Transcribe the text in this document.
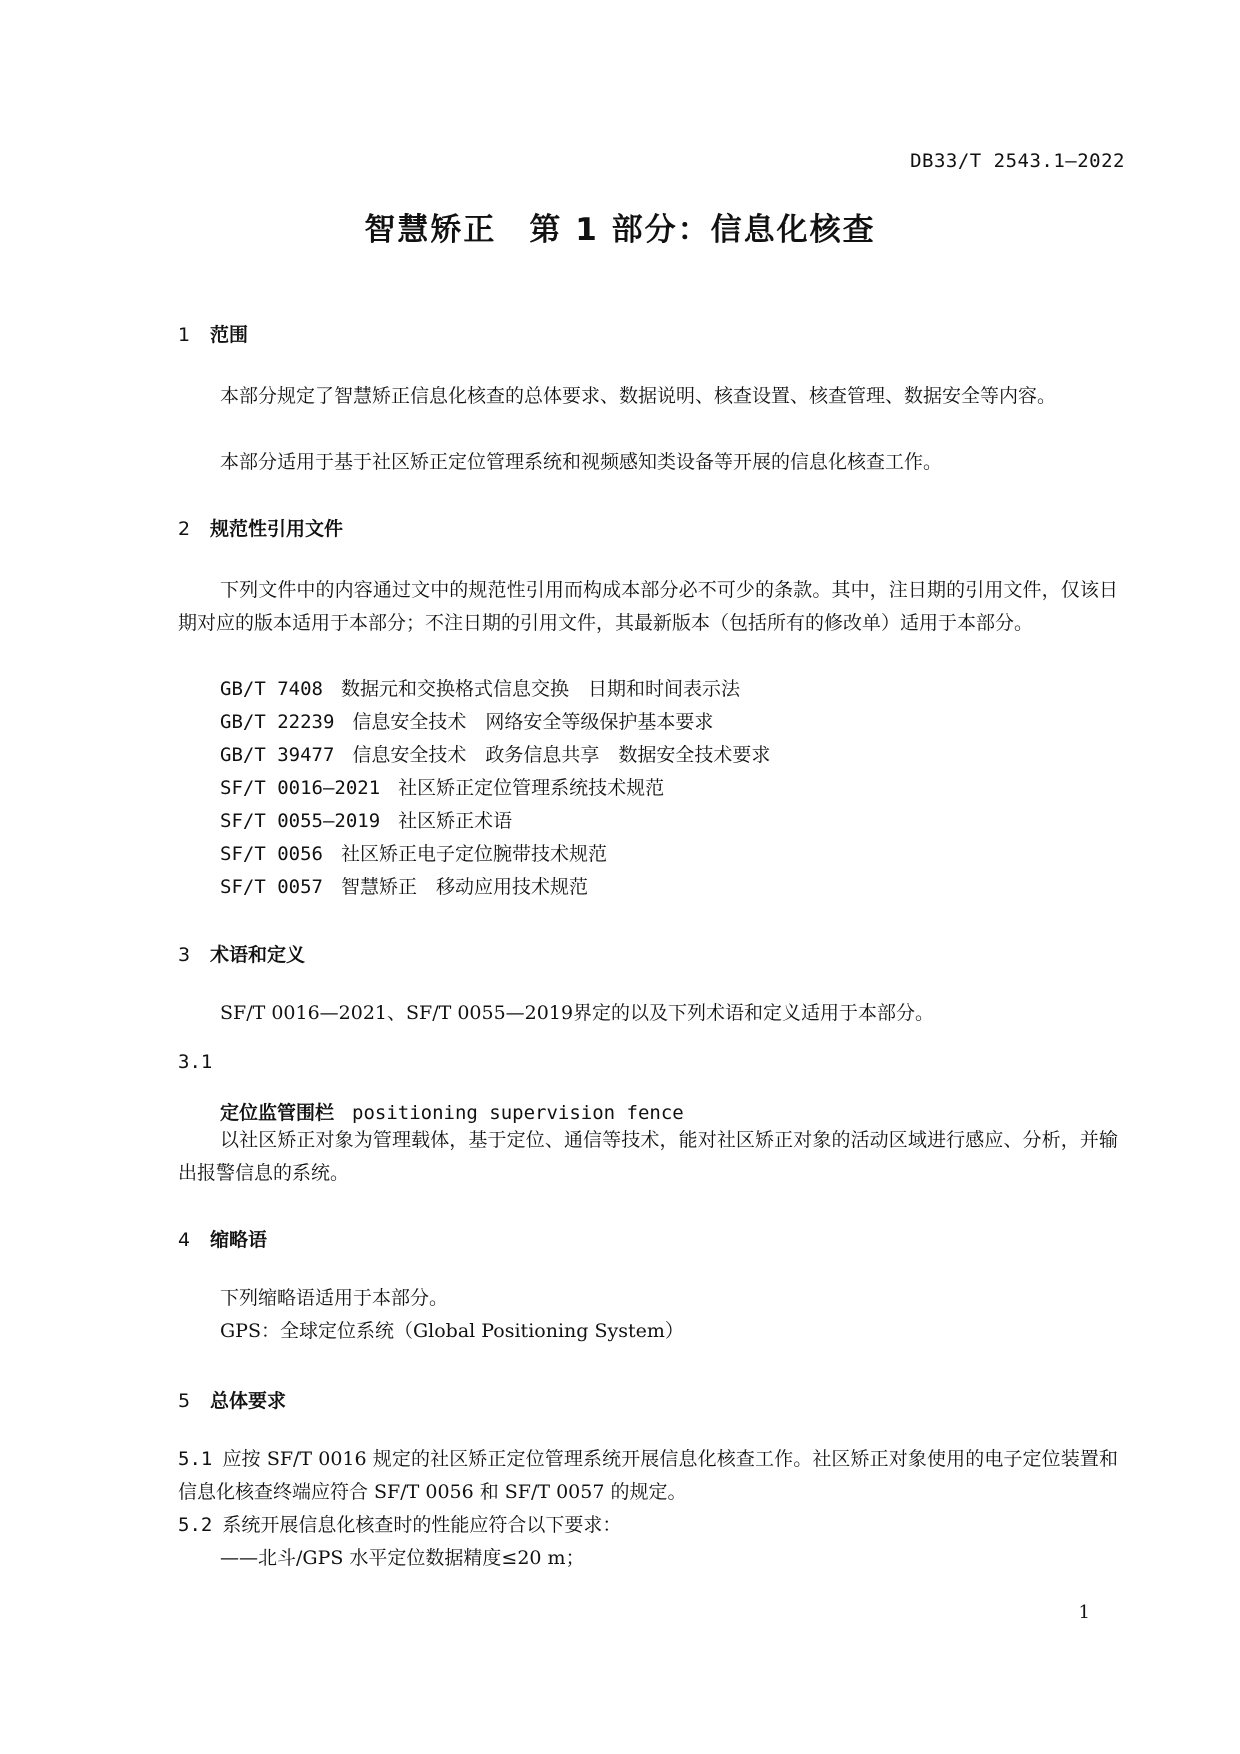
DB33/T 2543.1—2022
智慧矫正　第 1 部分：信息化核查
1 范围
本部分规定了智慧矫正信息化核查的总体要求、数据说明、核查设置、核查管理、数据安全等内容。
本部分适用于基于社区矫正定位管理系统和视频感知类设备等开展的信息化核查工作。
2 规范性引用文件
下列文件中的内容通过文中的规范性引用而构成本部分必不可少的条款。其中，注日期的引用文件，仅该日期对应的版本适用于本部分；不注日期的引用文件，其最新版本（包括所有的修改单）适用于本部分。
GB/T 7408 数据元和交换格式信息交换　日期和时间表示法
GB/T 22239 信息安全技术　网络安全等级保护基本要求
GB/T 39477 信息安全技术　政务信息共享　数据安全技术要求
SF/T 0016—2021 社区矫正定位管理系统技术规范
SF/T 0055—2019 社区矫正术语
SF/T 0056 社区矫正电子定位腕带技术规范
SF/T 0057 智慧矫正　移动应用技术规范
3 术语和定义
SF/T 0016—2021、SF/T 0055—2019界定的以及下列术语和定义适用于本部分。
3.1
定位监管围栏 positioning supervision fence
以社区矫正对象为管理载体，基于定位、通信等技术，能对社区矫正对象的活动区域进行感应、分析，并输出报警信息的系统。
4 缩略语
下列缩略语适用于本部分。
GPS：全球定位系统（Global Positioning System）
5 总体要求
5.1 应按 SF/T 0016 规定的社区矫正定位管理系统开展信息化核查工作。社区矫正对象使用的电子定位装置和信息化核查终端应符合 SF/T 0056 和 SF/T 0057 的规定。
5.2 系统开展信息化核查时的性能应符合以下要求：
——北斗/GPS 水平定位数据精度≤20 m；
1
